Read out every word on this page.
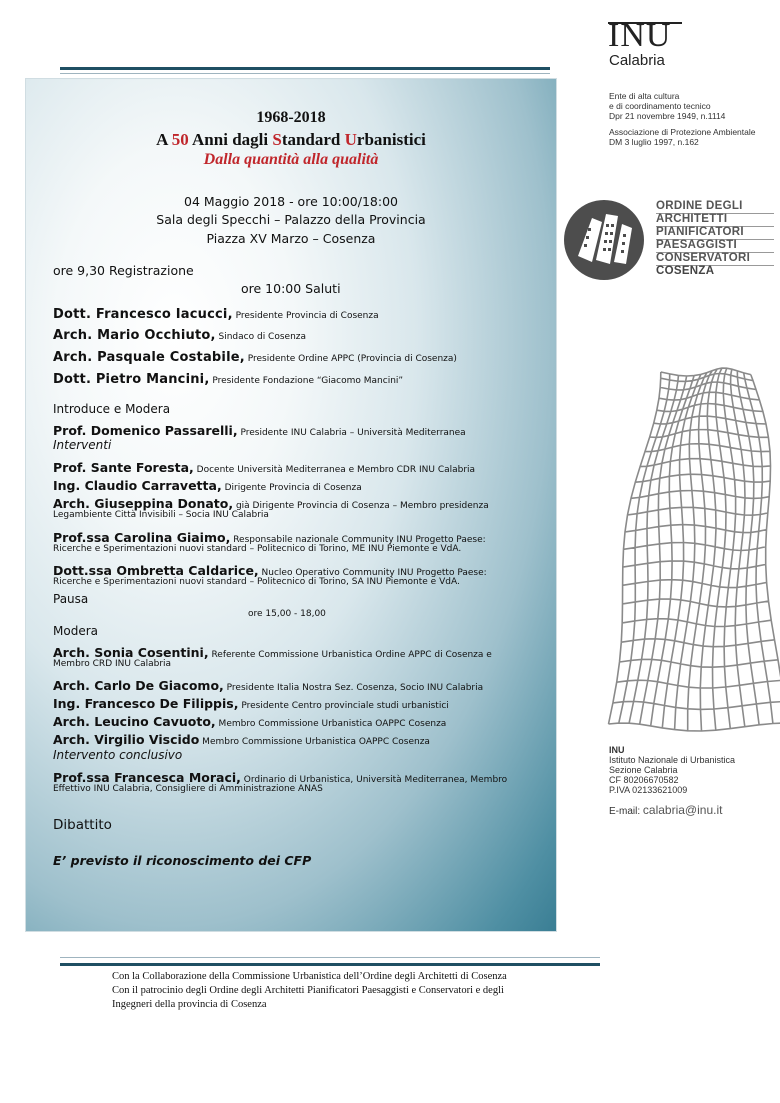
1968-2018
A 50 Anni dagli Standard Urbanistici
Dalla quantità alla qualità
04 Maggio 2018 - ore 10:00/18:00
Sala degli Specchi – Palazzo della Provincia
Piazza XV Marzo – Cosenza
ore 9,30 Registrazione
ore 10:00 Saluti
Dott. Francesco Iacucci, Presidente Provincia di Cosenza
Arch. Mario Occhiuto, Sindaco di Cosenza
Arch. Pasquale Costabile, Presidente Ordine APPC (Provincia di Cosenza)
Dott. Pietro Mancini, Presidente Fondazione “Giacomo Mancini”
Introduce e Modera
Prof. Domenico Passarelli, Presidente INU Calabria – Università Mediterranea
Interventi
Prof. Sante Foresta, Docente Università Mediterranea e Membro CDR INU Calabria
Ing. Claudio Carravetta, Dirigente Provincia di Cosenza
Arch. Giuseppina Donato, già Dirigente Provincia di Cosenza – Membro presidenza
Legambiente Città Invisibili – Socia INU Calabria
Prof.ssa Carolina Giaimo, Responsabile nazionale Community INU Progetto Paese:
Ricerche e Sperimentazioni nuovi standard – Politecnico di Torino, ME INU Piemonte e VdA.
Dott.ssa Ombretta Caldarice, Nucleo Operativo Community INU Progetto Paese:
Ricerche e Sperimentazioni nuovi standard – Politecnico di Torino, SA INU Piemonte e VdA.
Pausa
ore 15,00 - 18,00
Modera
Arch. Sonia Cosentini, Referente Commissione Urbanistica Ordine APPC di Cosenza e
Membro CRD INU Calabria
Arch. Carlo De Giacomo, Presidente Italia Nostra Sez. Cosenza, Socio INU Calabria
Ing. Francesco De Filippis, Presidente Centro provinciale studi urbanistici
Arch. Leucino Cavuoto, Membro Commissione Urbanistica OAPPC Cosenza
Arch. Virgilio Viscido Membro Commissione Urbanistica OAPPC Cosenza
Intervento conclusivo
Prof.ssa Francesca Moraci, Ordinario di Urbanistica, Università Mediterranea, Membro
Effettivo INU Calabria, Consigliere di Amministrazione ANAS
Dibattito
E’ previsto il riconoscimento dei CFP
INU
Calabria
Ente di alta cultura
e di coordinamento tecnico
Dpr 21 novembre 1949, n.1114
Associazione di Protezione Ambientale
DM 3 luglio 1997, n.162
ORDINE DEGLI
ARCHITETTI
PIANIFICATORI
PAESAGGISTI
CONSERVATORI
COSENZA
INU
Istituto Nazionale di Urbanistica
Sezione Calabria
CF 80206670582
P.IVA 02133621009
E-mail: calabria@inu.it
Con la Collaborazione della Commissione Urbanistica dell’Ordine degli Architetti di Cosenza
Con il patrocinio degli Ordine degli Architetti Pianificatori Paesaggisti e Conservatori e degli
Ingegneri della provincia di Cosenza
